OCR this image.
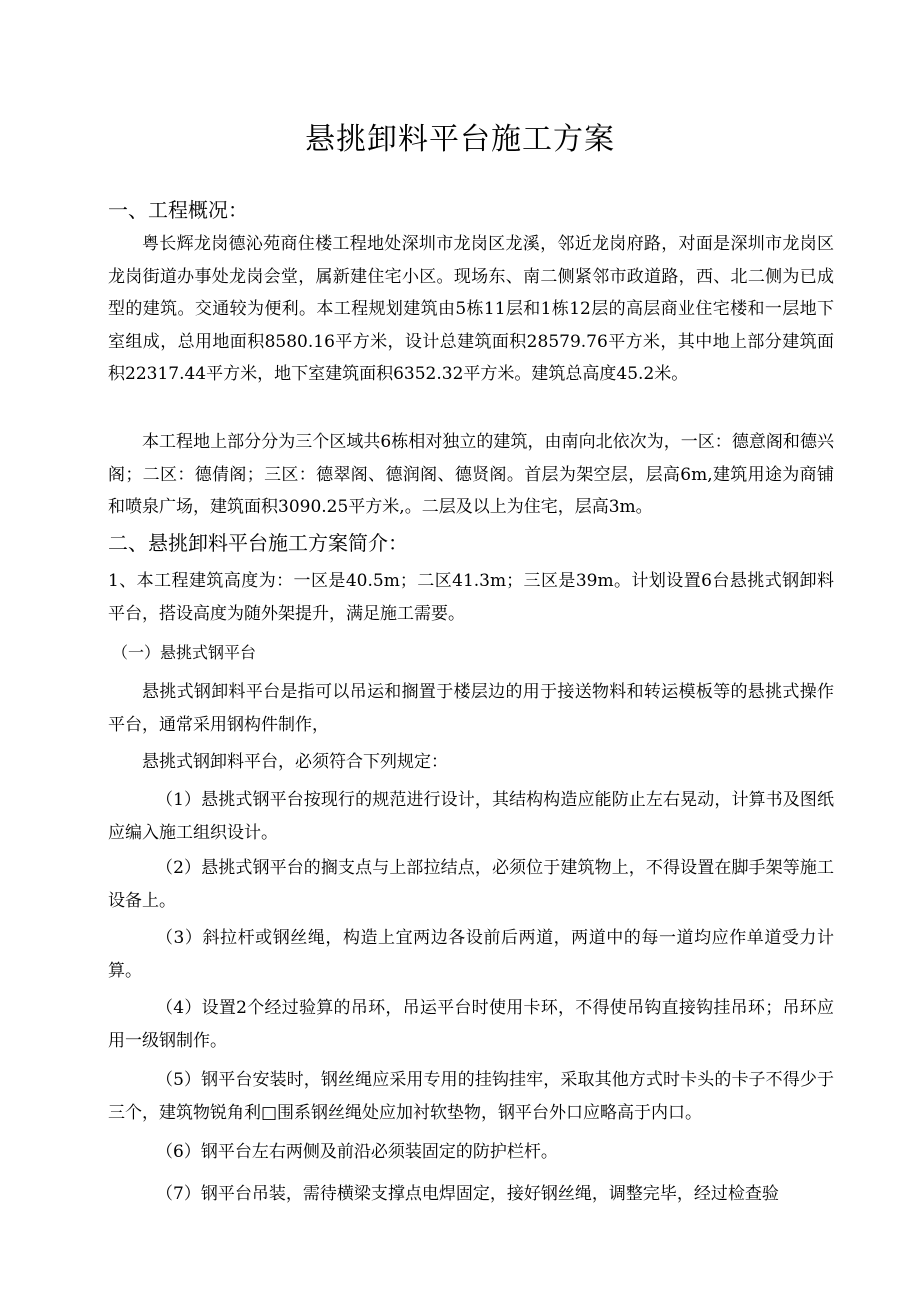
悬挑卸料平台施工方案
一、工程概况：

粤长辉龙岗德沁苑商住楼工程地处深圳市龙岗区龙溪，邻近龙岗府路，对面是深圳市龙岗区龙岗街道办事处龙岗会堂，属新建住宅小区。现场东、南二侧紧邻市政道路，西、北二侧为已成型的建筑。交通较为便利。本工程规划建筑由5栋11层和1栋12层的高层商业住宅楼和一层地下室组成，总用地面积8580.16平方米，设计总建筑面积28579.76平方米，其中地上部分建筑面积22317.44平方米，地下室建筑面积6352.32平方米。建筑总高度45.2米。

本工程地上部分分为三个区域共6栋相对独立的建筑，由南向北依次为，一区：德意阁和德兴阁；二区：德倩阁；三区：德翠阁、德润阁、德贤阁。首层为架空层，层高6m,建筑用途为商铺和喷泉广场，建筑面积3090.25平方米,。二层及以上为住宅，层高3m。

二、悬挑卸料平台施工方案简介：

1、本工程建筑高度为：一区是40.5m；二区41.3m；三区是39m。计划设置6台悬挑式钢卸料平台，搭设高度为随外架提升，满足施工需要。

（一）悬挑式钢平台

悬挑式钢卸料平台是指可以吊运和搁置于楼层边的用于接送物料和转运模板等的悬挑式操作平台，通常采用钢构件制作，

悬挑式钢卸料平台，必须符合下列规定：

（1）悬挑式钢平台按现行的规范进行设计，其结构构造应能防止左右晃动，计算书及图纸应编入施工组织设计。

（2）悬挑式钢平台的搁支点与上部拉结点，必须位于建筑物上，不得设置在脚手架等施工设备上。

（3）斜拉杆或钢丝绳，构造上宜两边各设前后两道，两道中的每一道均应作单道受力计算。

（4）设置2个经过验算的吊环，吊运平台时使用卡环，不得使吊钩直接钩挂吊环；吊环应用一级钢制作。

（5）钢平台安装时，钢丝绳应采用专用的挂钩挂牢，采取其他方式时卡头的卡子不得少于三个，建筑物锐角利□围系钢丝绳处应加衬软垫物，钢平台外口应略高于内口。

（6）钢平台左右两侧及前沿必须装固定的防护栏杆。

（7）钢平台吊装，需待横梁支撑点电焊固定，接好钢丝绳，调整完毕，经过检查验
